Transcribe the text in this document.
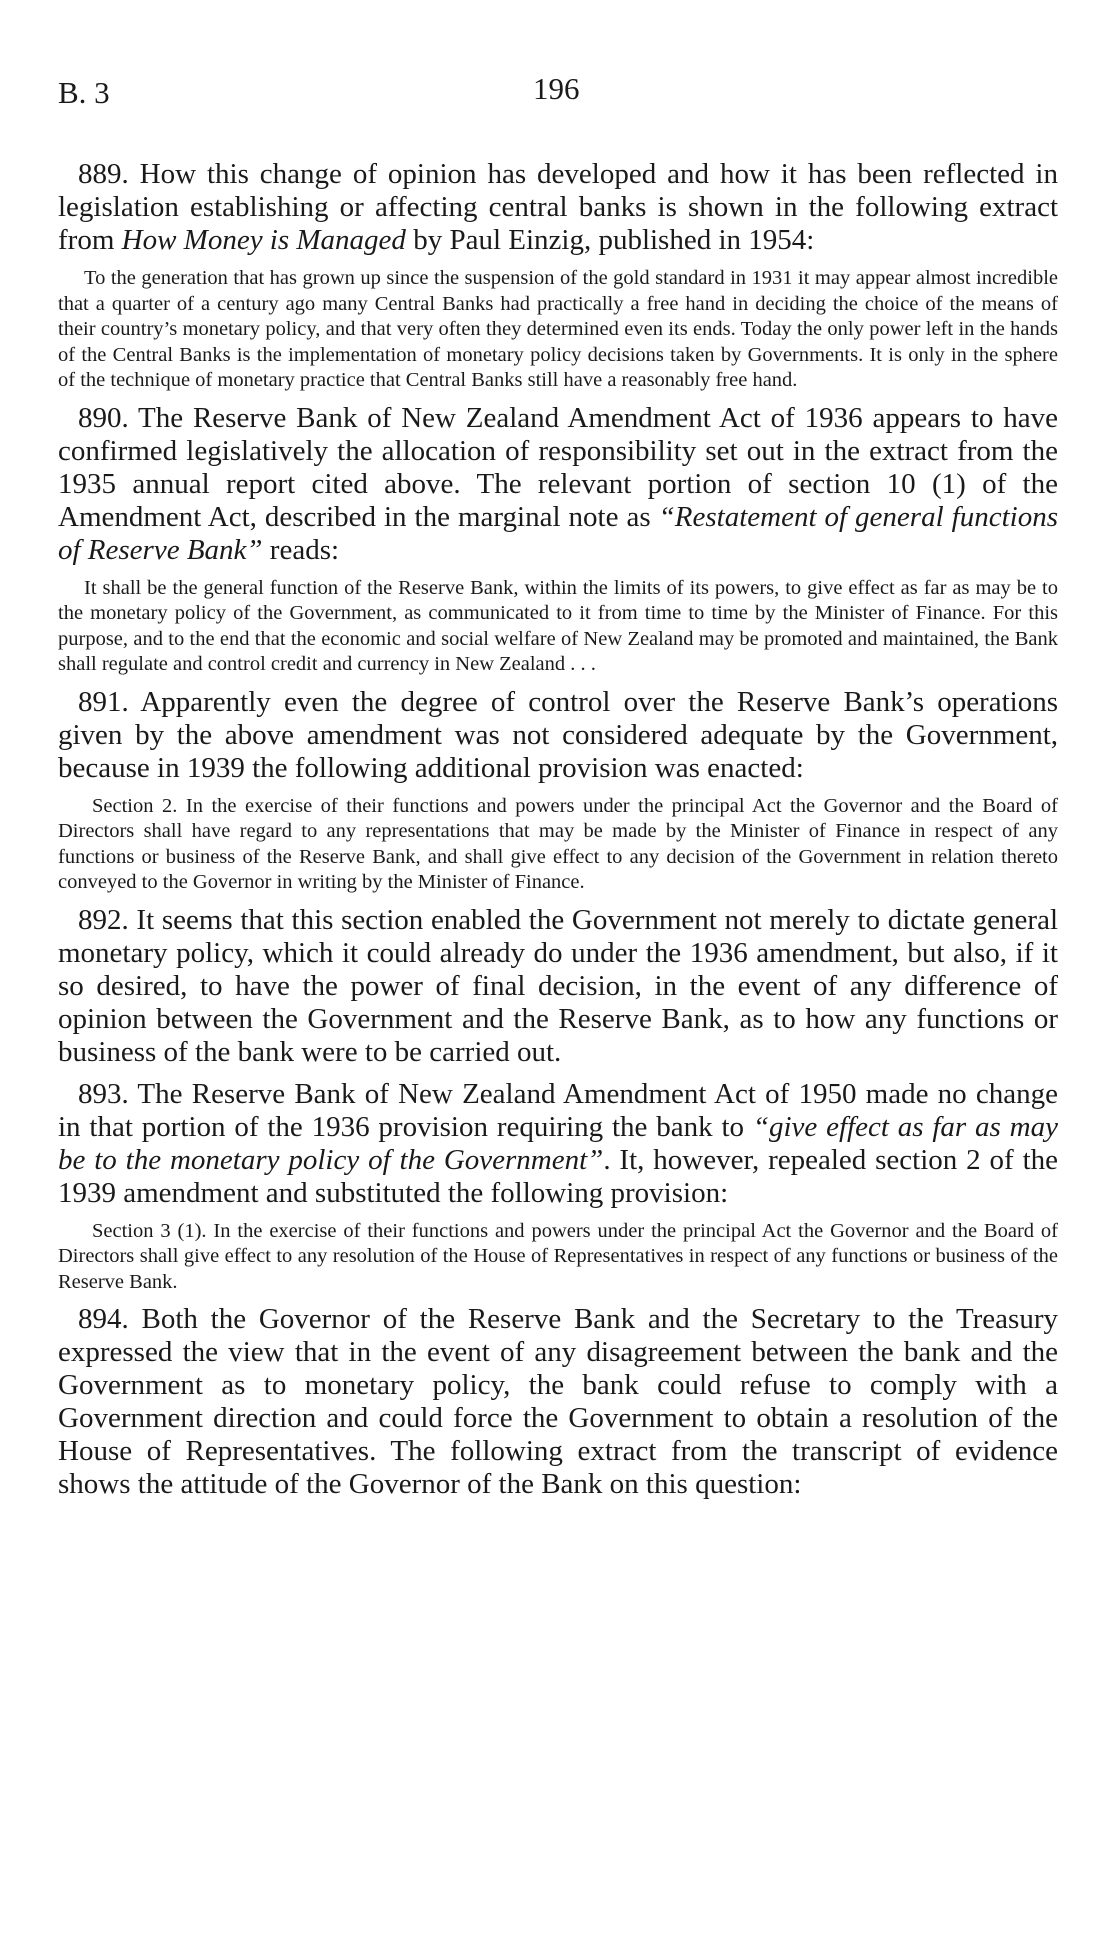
B. 3	196

889. How this change of opinion has developed and how it has been reflected in legislation establishing or affecting central banks is shown in the following extract from How Money is Managed by Paul Einzig, published in 1954:

To the generation that has grown up since the suspension of the gold standard in 1931 it may appear almost incredible that a quarter of a century ago many Central Banks had practically a free hand in deciding the choice of the means of their country’s monetary policy, and that very often they determined even its ends. Today the only power left in the hands of the Central Banks is the implementation of monetary policy decisions taken by Governments. It is only in the sphere of the technique of monetary practice that Central Banks still have a reasonably free hand.

890. The Reserve Bank of New Zealand Amendment Act of 1936 appears to have confirmed legislatively the allocation of responsibility set out in the extract from the 1935 annual report cited above. The relevant portion of section 10 (1) of the Amendment Act, described in the marginal note as “Restatement of general functions of Reserve Bank” reads:

It shall be the general function of the Reserve Bank, within the limits of its powers, to give effect as far as may be to the monetary policy of the Government, as communicated to it from time to time by the Minister of Finance. For this purpose, and to the end that the economic and social welfare of New Zealand may be promoted and maintained, the Bank shall regulate and control credit and currency in New Zealand . . .

891. Apparently even the degree of control over the Reserve Bank’s operations given by the above amendment was not considered adequate by the Government, because in 1939 the following additional provision was enacted:

Section 2. In the exercise of their functions and powers under the principal Act the Governor and the Board of Directors shall have regard to any representations that may be made by the Minister of Finance in respect of any functions or business of the Reserve Bank, and shall give effect to any decision of the Government in relation thereto conveyed to the Governor in writing by the Minister of Finance.

892. It seems that this section enabled the Government not merely to dictate general monetary policy, which it could already do under the 1936 amendment, but also, if it so desired, to have the power of final decision, in the event of any difference of opinion between the Government and the Reserve Bank, as to how any functions or business of the bank were to be carried out.

893. The Reserve Bank of New Zealand Amendment Act of 1950 made no change in that portion of the 1936 provision requiring the bank to “give effect as far as may be to the monetary policy of the Government”. It, however, repealed section 2 of the 1939 amendment and substituted the following provision:

Section 3 (1). In the exercise of their functions and powers under the principal Act the Governor and the Board of Directors shall give effect to any resolution of the House of Representatives in respect of any functions or business of the Reserve Bank.

894. Both the Governor of the Reserve Bank and the Secretary to the Treasury expressed the view that in the event of any disagreement between the bank and the Government as to monetary policy, the bank could refuse to comply with a Government direction and could force the Government to obtain a resolution of the House of Representatives. The following extract from the transcript of evidence shows the attitude of the Governor of the Bank on this question:
